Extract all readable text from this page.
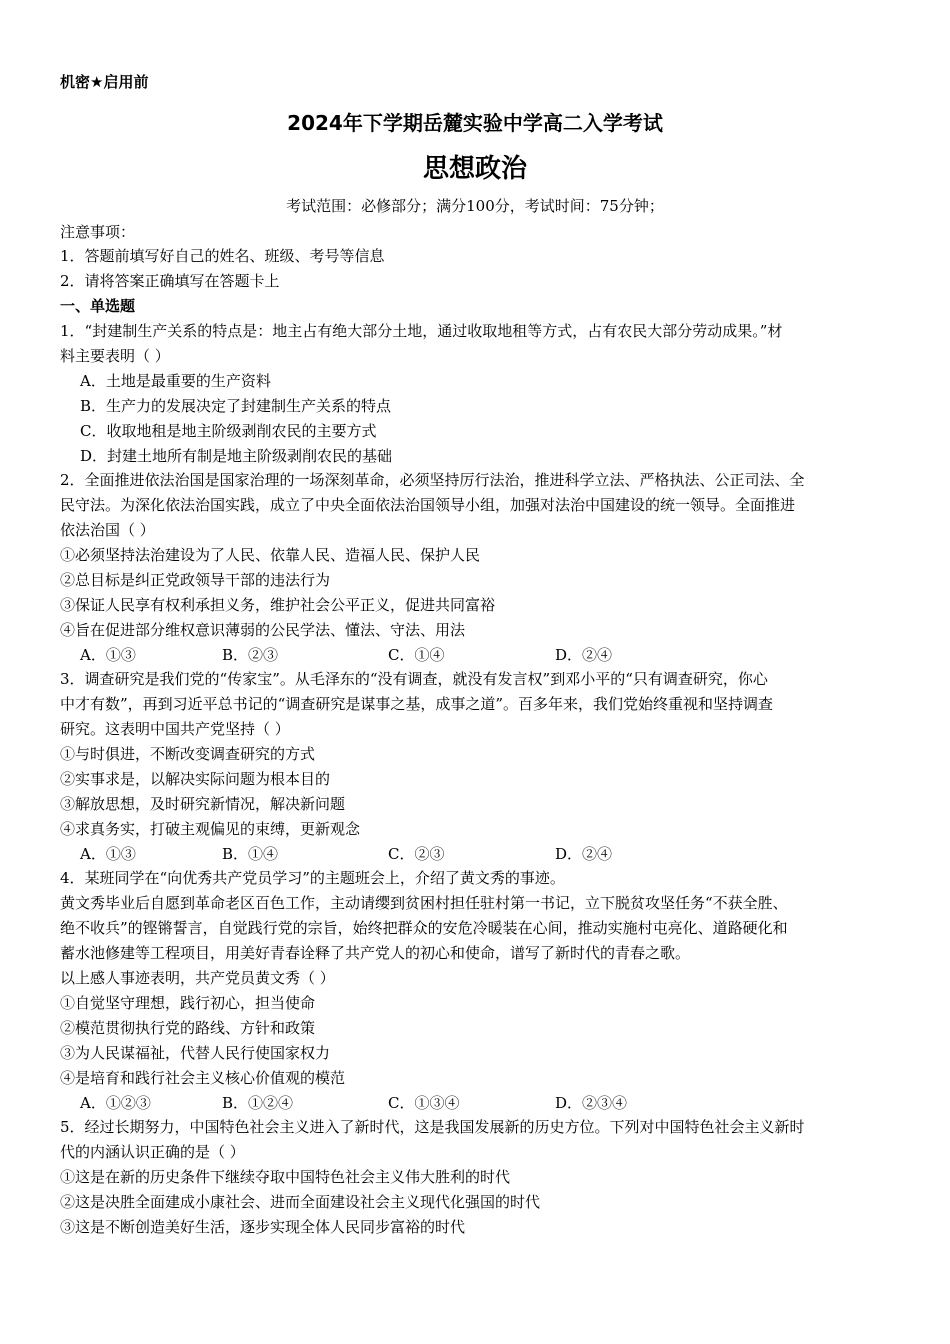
机密★启用前
2024年下学期岳麓实验中学高二入学考试
思想政治
考试范围：必修部分；满分100分，考试时间：75分钟；
注意事项：
1．答题前填写好自己的姓名、班级、考号等信息
2．请将答案正确填写在答题卡上
一、单选题
1．“封建制生产关系的特点是：地主占有绝大部分土地，通过收取地租等方式，占有农民大部分劳动成果。”材
料主要表明（ ）
A．土地是最重要的生产资料
B．生产力的发展决定了封建制生产关系的特点
C．收取地租是地主阶级剥削农民的主要方式
D．封建土地所有制是地主阶级剥削农民的基础
2．全面推进依法治国是国家治理的一场深刻革命，必须坚持厉行法治，推进科学立法、严格执法、公正司法、全
民守法。为深化依法治国实践，成立了中央全面依法治国领导小组，加强对法治中国建设的统一领导。全面推进
依法治国（ ）
①必须坚持法治建设为了人民、依靠人民、造福人民、保护人民
②总目标是纠正党政领导干部的违法行为
③保证人民享有权利承担义务，维护社会公平正义，促进共同富裕
④旨在促进部分维权意识薄弱的公民学法、懂法、守法、用法
A．①③	B．②③	C．①④	D．②④
3．调查研究是我们党的“传家宝”。从毛泽东的“没有调查，就没有发言权”到邓小平的“只有调查研究，你心
中才有数”，再到习近平总书记的“调查研究是谋事之基，成事之道”。百多年来，我们党始终重视和坚持调查
研究。这表明中国共产党坚持（ ）
①与时俱进，不断改变调查研究的方式
②实事求是，以解决实际问题为根本目的
③解放思想，及时研究新情况，解决新问题
④求真务实，打破主观偏见的束缚，更新观念
A．①③	B．①④	C．②③	D．②④
4．某班同学在“向优秀共产党员学习”的主题班会上，介绍了黄文秀的事迹。
黄文秀毕业后自愿到革命老区百色工作，主动请缨到贫困村担任驻村第一书记，立下脱贫攻坚任务“不获全胜、
绝不收兵”的铿锵誓言，自觉践行党的宗旨，始终把群众的安危冷暖装在心间，推动实施村屯亮化、道路硬化和
蓄水池修建等工程项目，用美好青春诠释了共产党人的初心和使命，谱写了新时代的青春之歌。
以上感人事迹表明，共产党员黄文秀（ ）
①自觉坚守理想，践行初心，担当使命
②模范贯彻执行党的路线、方针和政策
③为人民谋福祉，代替人民行使国家权力
④是培育和践行社会主义核心价值观的模范
A．①②③	B．①②④	C．①③④	D．②③④
5．经过长期努力，中国特色社会主义进入了新时代，这是我国发展新的历史方位。下列对中国特色社会主义新时
代的内涵认识正确的是（ ）
①这是在新的历史条件下继续夺取中国特色社会主义伟大胜利的时代
②这是决胜全面建成小康社会、进而全面建设社会主义现代化强国的时代
③这是不断创造美好生活，逐步实现全体人民同步富裕的时代
